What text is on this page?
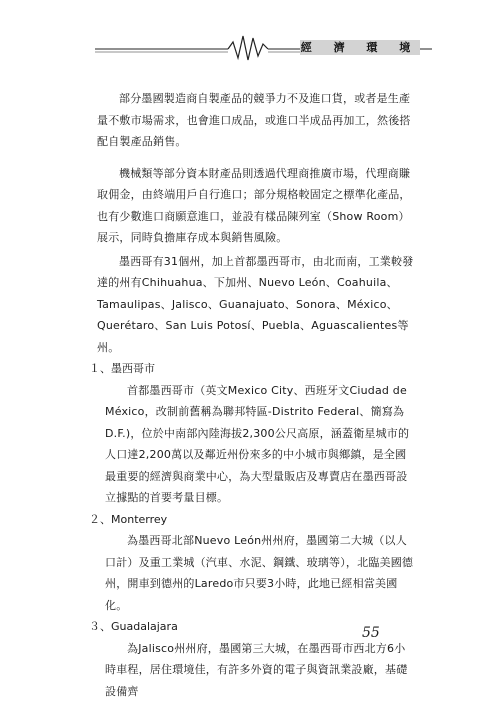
經 濟 環 境

部分墨國製造商自製產品的競爭力不及進口貨，或者是生產量不敷市場需求，也會進口成品，或進口半成品再加工，然後搭配自製產品銷售。

機械類等部分資本財產品則透過代理商推廣市場，代理商賺取佣金，由終端用戶自行進口；部分規格較固定之標準化產品，也有少數進口商願意進口，並設有樣品陳列室（Show Room）展示，同時負擔庫存成本與銷售風險。

墨西哥有31個州，加上首都墨西哥市，由北而南，工業較發達的州有Chihuahua、下加州、Nuevo León、Coahuila、Tamaulipas、Jalisco、Guanajuato、Sonora、México、Querétaro、San Luis Potosí、Puebla、Aguascalientes等州。

１、墨西哥市

首都墨西哥市（英文Mexico City、西班牙文Ciudad de México，改制前舊稱為聯邦特區-Distrito Federal、簡寫為D.F.)，位於中南部內陸海拔2,300公尺高原，涵蓋衛星城市的人口達2,200萬以及鄰近州份來多的中小城市與鄉鎮，是全國最重要的經濟與商業中心，為大型量販店及專賣店在墨西哥設立據點的首要考量目標。

２、Monterrey

為墨西哥北部Nuevo León州州府，墨國第二大城（以人口計）及重工業城（汽車、水泥、鋼鐵、玻璃等），北臨美國德州，開車到德州的Laredo市只要3小時，此地已經相當美國化。

３、Guadalajara

為Jalisco州州府，墨國第三大城，在墨西哥市西北方6小時車程，居住環境佳，有許多外資的電子與資訊業設廠，基礎設備齊

55
